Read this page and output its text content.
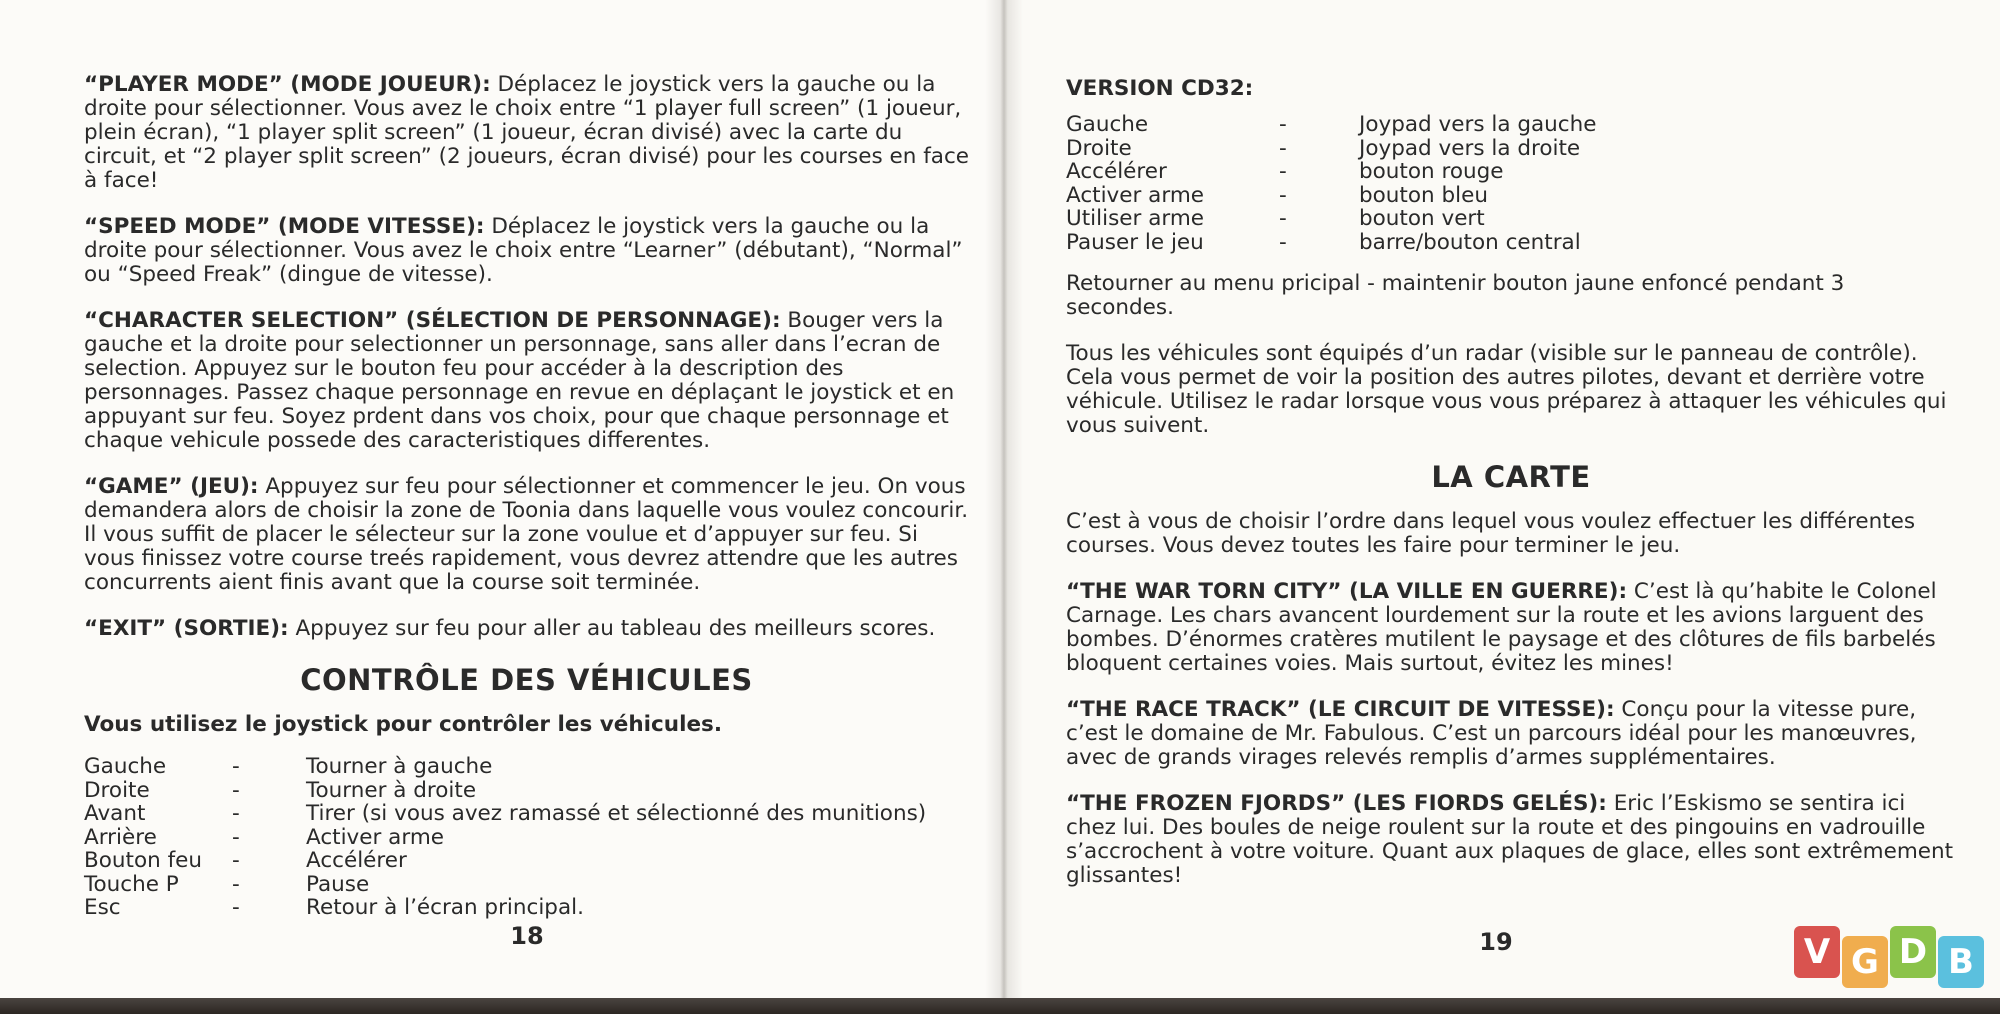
“PLAYER MODE” (MODE JOUEUR): Déplacez le joystick vers la gauche ou la droite pour sélectionner. Vous avez le choix entre “1 player full screen” (1 joueur, plein écran), “1 player split screen” (1 joueur, écran divisé) avec la carte du circuit, et “2 player split screen” (2 joueurs, écran divisé) pour les courses en face à face!

“SPEED MODE” (MODE VITESSE): Déplacez le joystick vers la gauche ou la droite pour sélectionner. Vous avez le choix entre “Learner” (débutant), “Normal” ou “Speed Freak” (dingue de vitesse).

“CHARACTER SELECTION” (SÉLECTION DE PERSONNAGE): Bouger vers la gauche et la droite pour selectionner un personnage, sans aller dans l’ecran de selection. Appuyez sur le bouton feu pour accéder à la description des personnages. Passez chaque personnage en revue en déplaçant le joystick et en appuyant sur feu. Soyez prdent dans vos choix, pour que chaque personnage et chaque vehicule possede des caracteristiques differentes.

“GAME” (JEU): Appuyez sur feu pour sélectionner et commencer le jeu. On vous demandera alors de choisir la zone de Toonia dans laquelle vous voulez concourir. Il vous suffit de placer le sélecteur sur la zone voulue et d’appuyer sur feu. Si vous finissez votre course treés rapidement, vous devrez attendre que les autres concurrents aient finis avant que la course soit terminée.

“EXIT” (SORTIE): Appuyez sur feu pour aller au tableau des meilleurs scores.

CONTRÔLE DES VÉHICULES
Vous utilisez le joystick pour contrôler les véhicules.
Gauche	-	Tourner à gauche
Droite	-	Tourner à droite
Avant	-	Tirer (si vous avez ramassé et sélectionné des munitions)
Arrière	-	Activer arme
Bouton feu	-	Accélérer
Touche P	-	Pause
Esc	-	Retour à l’écran principal.
18
VERSION CD32:
Gauche	-	Joypad vers la gauche
Droite	-	Joypad vers la droite
Accélérer	-	bouton rouge
Activer arme	-	bouton bleu
Utiliser arme	-	bouton vert
Pauser le jeu	-	barre/bouton central

Retourner au menu pricipal - maintenir bouton jaune enfoncé pendant 3 secondes.

Tous les véhicules sont équipés d’un radar (visible sur le panneau de contrôle). Cela vous permet de voir la position des autres pilotes, devant et derrière votre véhicule. Utilisez le radar lorsque vous vous préparez à attaquer les véhicules qui vous suivent.

LA CARTE

C’est à vous de choisir l’ordre dans lequel vous voulez effectuer les différentes courses. Vous devez toutes les faire pour terminer le jeu.

“THE WAR TORN CITY” (LA VILLE EN GUERRE): C’est là qu’habite le Colonel Carnage. Les chars avancent lourdement sur la route et les avions larguent des bombes. D’énormes cratères mutilent le paysage et des clôtures de fils barbelés bloquent certaines voies. Mais surtout, évitez les mines!

“THE RACE TRACK” (LE CIRCUIT DE VITESSE): Conçu pour la vitesse pure, c’est le domaine de Mr. Fabulous. C’est un parcours idéal pour les manœuvres, avec de grands virages relevés remplis d’armes supplémentaires.

“THE FROZEN FJORDS” (LES FIORDS GELÉS): Eric l’Eskismo se sentira ici chez lui. Des boules de neige roulent sur la route et des pingouins en vadrouille s’accrochent à votre voiture. Quant aux plaques de glace, elles sont extrêmement glissantes!

19	V G D B
